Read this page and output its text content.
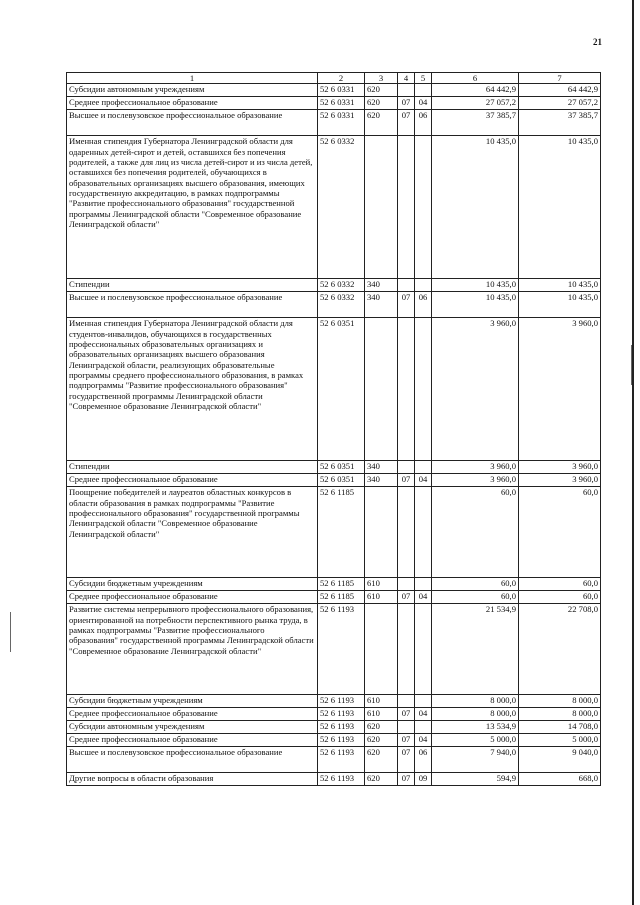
21
1	2	3	4	5	6	7
Субсидии автономным учреждениям	52 6 0331	620			64 442,9	64 442,9
Среднее профессиональное образование	52 6 0331	620	07	04	27 057,2	27 057,2
Высшее и послевузовское профессиональное образование	52 6 0331	620	07	06	37 385,7	37 385,7
Именная стипендия Губернатора Ленинградской области для одаренных детей-сирот и детей, оставшихся без попечения родителей, а также для лиц из числа детей-сирот и из числа детей, оставшихся без попечения родителей, обучающихся в образовательных организациях высшего образования, имеющих государственную аккредитацию, в рамках подпрограммы "Развитие профессионального образования" государственной программы Ленинградской области "Современное образование Ленинградской области"	52 6 0332				10 435,0	10 435,0
Стипендии	52 6 0332	340			10 435,0	10 435,0
Высшее и послевузовское профессиональное образование	52 6 0332	340	07	06	10 435,0	10 435,0
Именная стипендия Губернатора Ленинградской области для студентов-инвалидов, обучающихся в государственных профессиональных образовательных организациях и образовательных организациях высшего образования Ленинградской области, реализующих образовательные программы среднего профессионального образования, в рамках подпрограммы "Развитие профессионального образования" государственной программы Ленинградской области "Современное образование Ленинградской области"	52 6 0351				3 960,0	3 960,0
Стипендии	52 6 0351	340			3 960,0	3 960,0
Среднее профессиональное образование	52 6 0351	340	07	04	3 960,0	3 960,0
Поощрение победителей и лауреатов областных конкурсов в области образования в рамках подпрограммы "Развитие профессионального образования" государственной программы Ленинградской области "Современное образование Ленинградской области"	52 6 1185				60,0	60,0
Субсидии бюджетным учреждениям	52 6 1185	610			60,0	60,0
Среднее профессиональное образование	52 6 1185	610	07	04	60,0	60,0
Развитие системы непрерывного профессионального образования, ориентированной на потребности перспективного рынка труда, в рамках подпрограммы "Развитие профессионального образования" государственной программы Ленинградской области "Современное образование Ленинградской области"	52 6 1193				21 534,9	22 708,0
Субсидии бюджетным учреждениям	52 6 1193	610			8 000,0	8 000,0
Среднее профессиональное образование	52 6 1193	610	07	04	8 000,0	8 000,0
Субсидии автономным учреждениям	52 6 1193	620			13 534,9	14 708,0
Среднее профессиональное образование	52 6 1193	620	07	04	5 000,0	5 000,0
Высшее и послевузовское профессиональное образование	52 6 1193	620	07	06	7 940,0	9 040,0
Другие вопросы в области образования	52 6 1193	620	07	09	594,9	668,0
